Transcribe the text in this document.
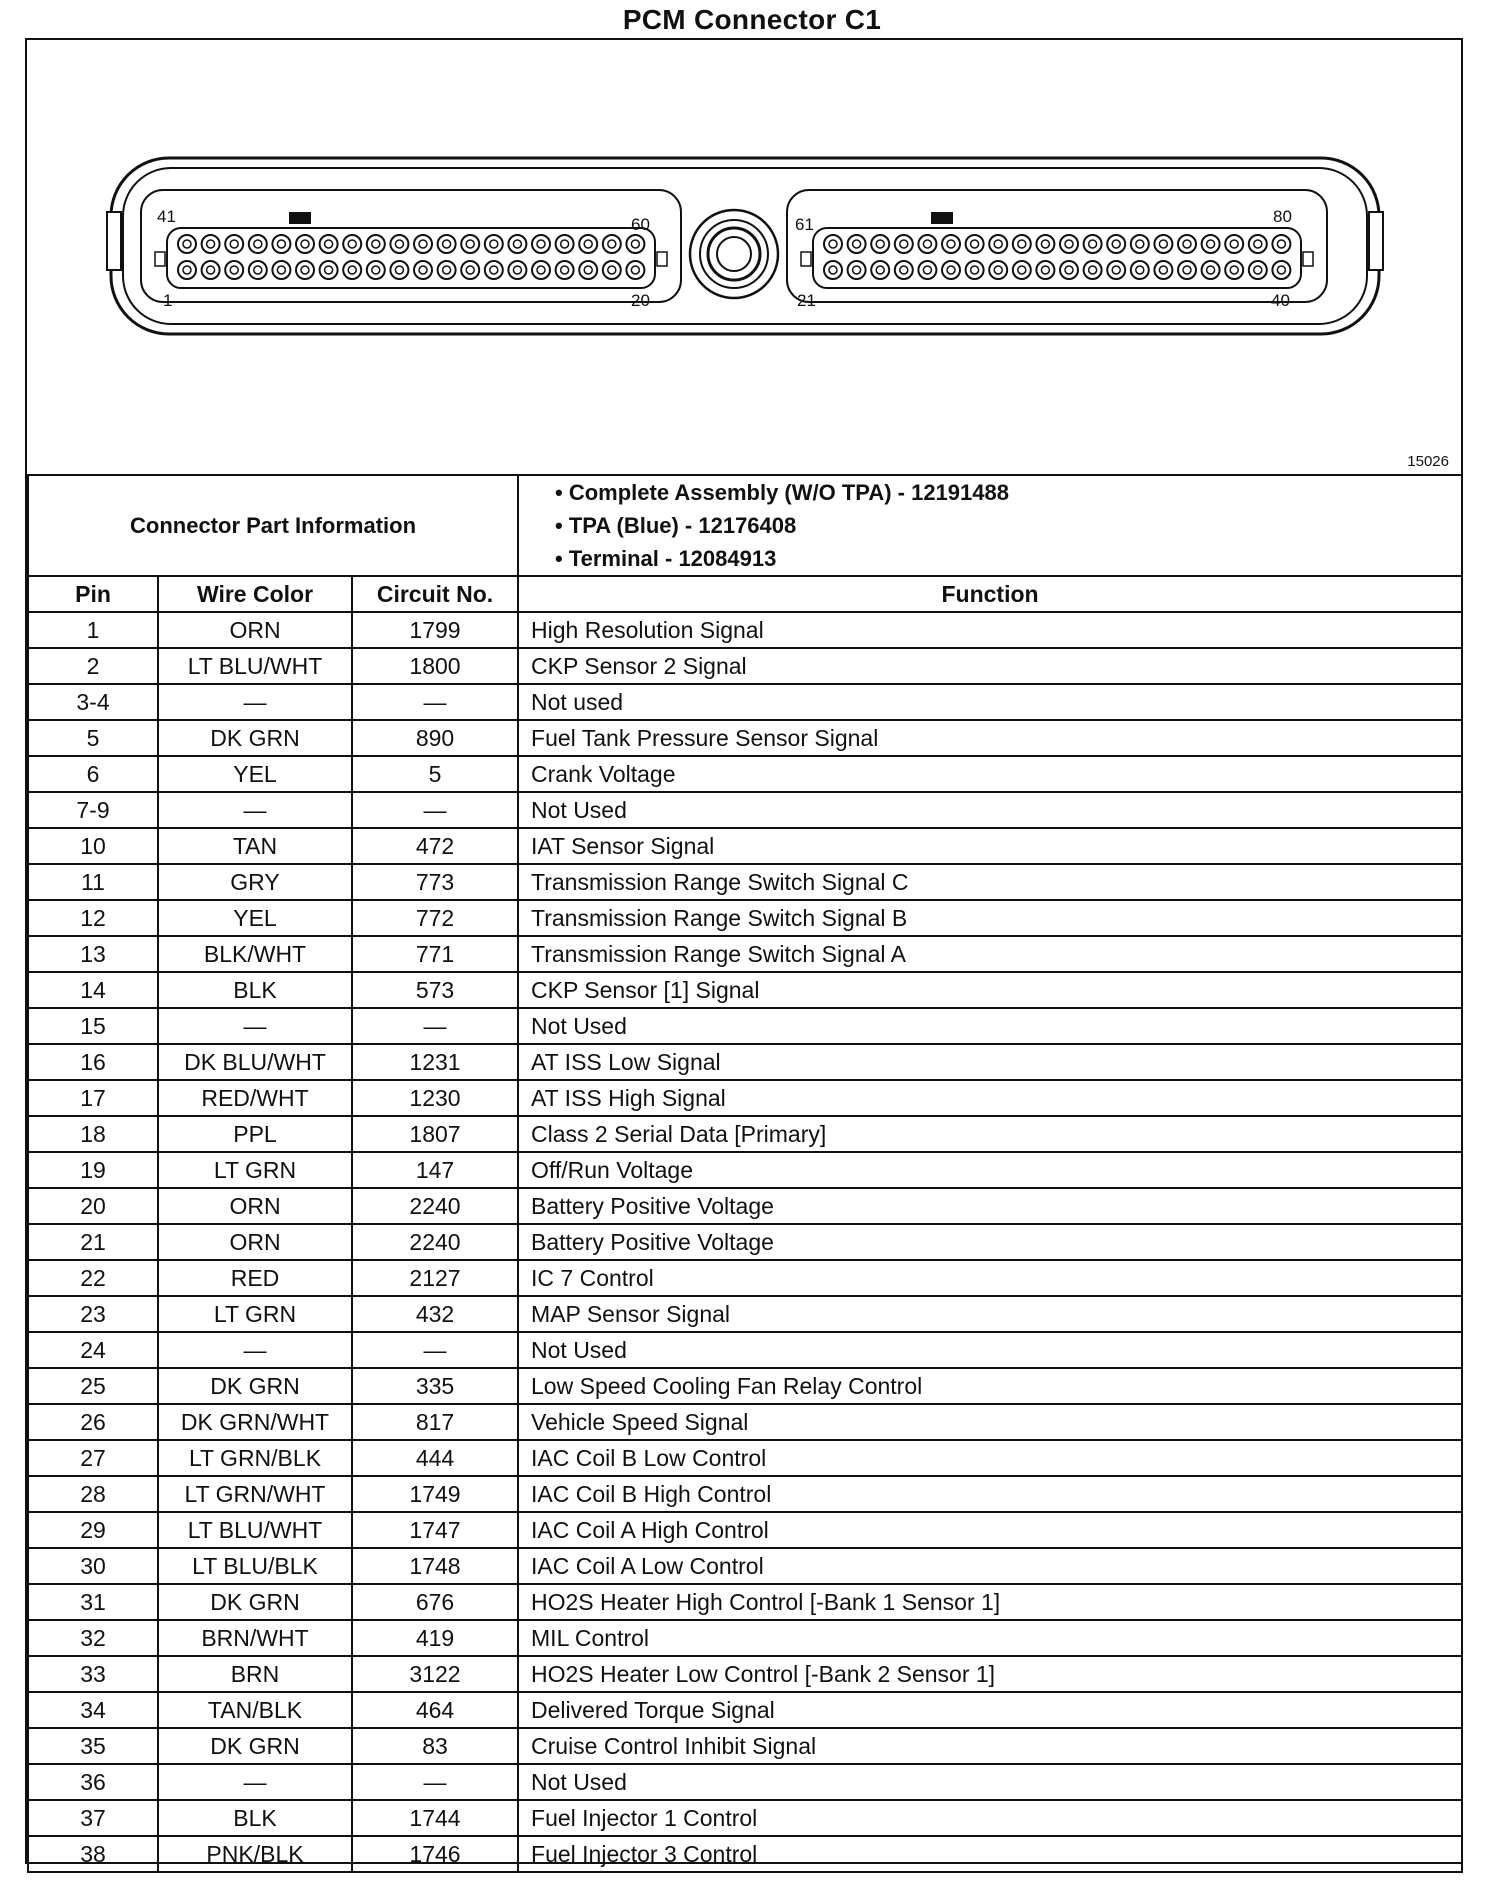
PCM Connector C1
41	60
1	20
61	80
21	40
15026
Connector Part Information			• Complete Assembly (W/O TPA) - 12191488
• TPA (Blue) - 12176408
• Terminal - 12084913

Pin	Wire Color	Circuit No.	Function
1	ORN	1799	High Resolution Signal
2	LT BLU/WHT	1800	CKP Sensor 2 Signal
3-4	—	—	Not used
5	DK GRN	890	Fuel Tank Pressure Sensor Signal
6	YEL	5	Crank Voltage
7-9	—	—	Not Used
10	TAN	472	IAT Sensor Signal
11	GRY	773	Transmission Range Switch Signal C
12	YEL	772	Transmission Range Switch Signal B
13	BLK/WHT	771	Transmission Range Switch Signal A
14	BLK	573	CKP Sensor [1] Signal
15	—	—	Not Used
16	DK BLU/WHT	1231	AT ISS Low Signal
17	RED/WHT	1230	AT ISS High Signal
18	PPL	1807	Class 2 Serial Data [Primary]
19	LT GRN	147	Off/Run Voltage
20	ORN	2240	Battery Positive Voltage
21	ORN	2240	Battery Positive Voltage
22	RED	2127	IC 7 Control
23	LT GRN	432	MAP Sensor Signal
24	—	—	Not Used
25	DK GRN	335	Low Speed Cooling Fan Relay Control
26	DK GRN/WHT	817	Vehicle Speed Signal
27	LT GRN/BLK	444	IAC Coil B Low Control
28	LT GRN/WHT	1749	IAC Coil B High Control
29	LT BLU/WHT	1747	IAC Coil A High Control
30	LT BLU/BLK	1748	IAC Coil A Low Control
31	DK GRN	676	HO2S Heater High Control [-Bank 1 Sensor 1]
32	BRN/WHT	419	MIL Control
33	BRN	3122	HO2S Heater Low Control [-Bank 2 Sensor 1]
34	TAN/BLK	464	Delivered Torque Signal
35	DK GRN	83	Cruise Control Inhibit Signal
36	—	—	Not Used
37	BLK	1744	Fuel Injector 1 Control
38	PNK/BLK	1746	Fuel Injector 3 Control
